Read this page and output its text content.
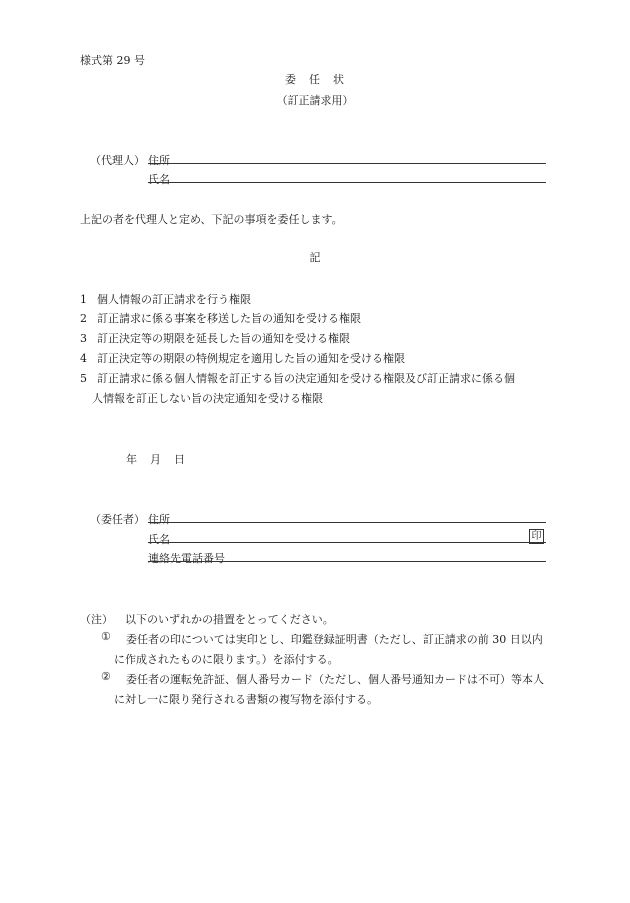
様式第 29 号
委　任　状
（訂正請求用）
（代理人） 住所
氏名
上記の者を代理人と定め、下記の事項を委任します。
記
1 個人情報の訂正請求を行う権限
2 訂正請求に係る事案を移送した旨の通知を受ける権限
3 訂正決定等の期限を延長した旨の通知を受ける権限
4 訂正決定等の期限の特例規定を適用した旨の通知を受ける権限
5 訂正請求に係る個人情報を訂正する旨の決定通知を受ける権限及び訂正請求に係る個
人情報を訂正しない旨の決定通知を受ける権限
年 月 日
（委任者） 住所
氏名	印
連絡先電話番号
（注） 以下のいずれかの措置をとってください。
①	委任者の印については実印とし、印鑑登録証明書（ただし、訂正請求の前 30 日以内に作成されたものに限ります。）を添付する。
②	委任者の運転免許証、個人番号カード（ただし、個人番号通知カードは不可）等本人に対し一に限り発行される書類の複写物を添付する。
